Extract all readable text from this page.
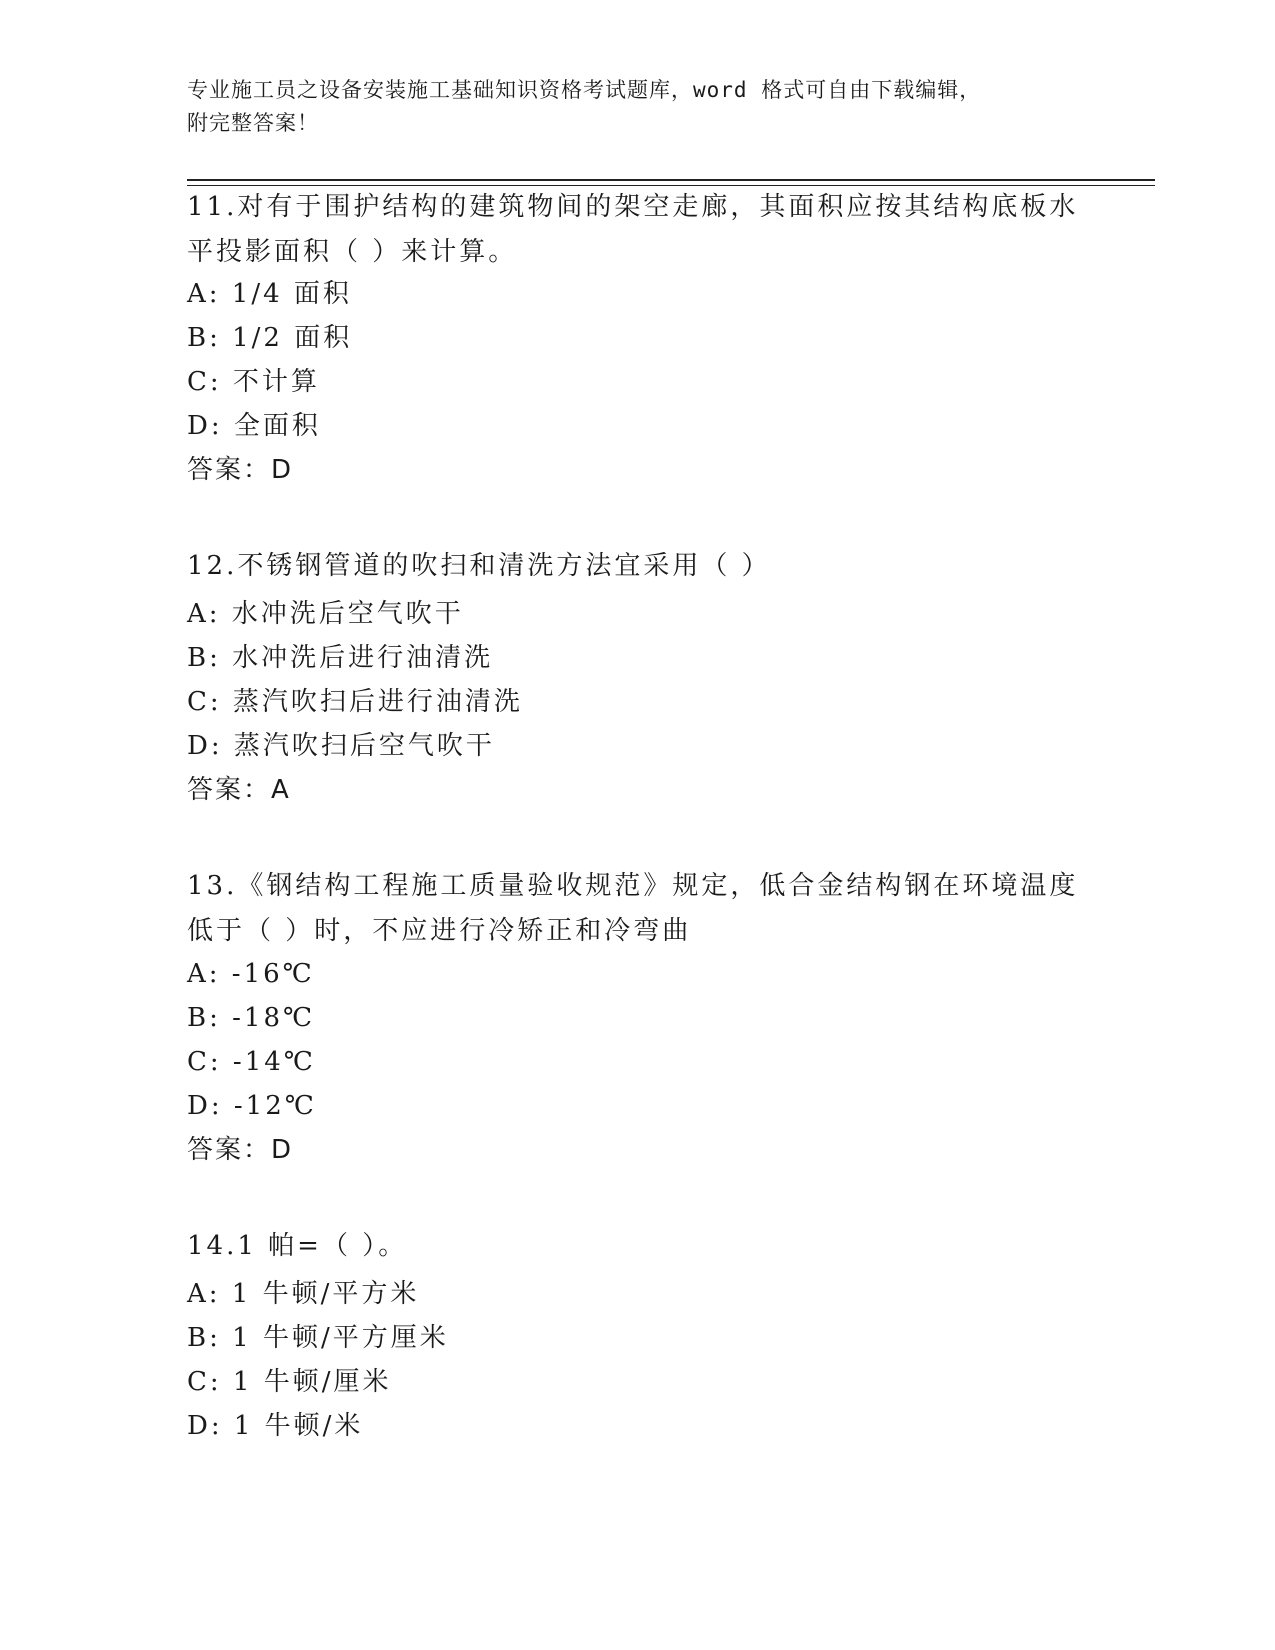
专业施工员之设备安装施工基础知识资格考试题库，word 格式可自由下载编辑，
附完整答案！
11.对有于围护结构的建筑物间的架空走廊，其面积应按其结构底板水
平投影面积（ ）来计算。
A: 1/4 面积
B: 1/2 面积
C: 不计算
D: 全面积
答案：D
12.不锈钢管道的吹扫和清洗方法宜采用（ ）
A: 水冲洗后空气吹干
B: 水冲洗后进行油清洗
C: 蒸汽吹扫后进行油清洗
D: 蒸汽吹扫后空气吹干
答案：A
13.《钢结构工程施工质量验收规范》规定，低合金结构钢在环境温度
低于（ ）时，不应进行冷矫正和冷弯曲
A: -16℃
B: -18℃
C: -14℃
D: -12℃
答案：D
14.1 帕=（ ）。
A: 1 牛顿/平方米
B: 1 牛顿/平方厘米
C: 1 牛顿/厘米
D: 1 牛顿/米
